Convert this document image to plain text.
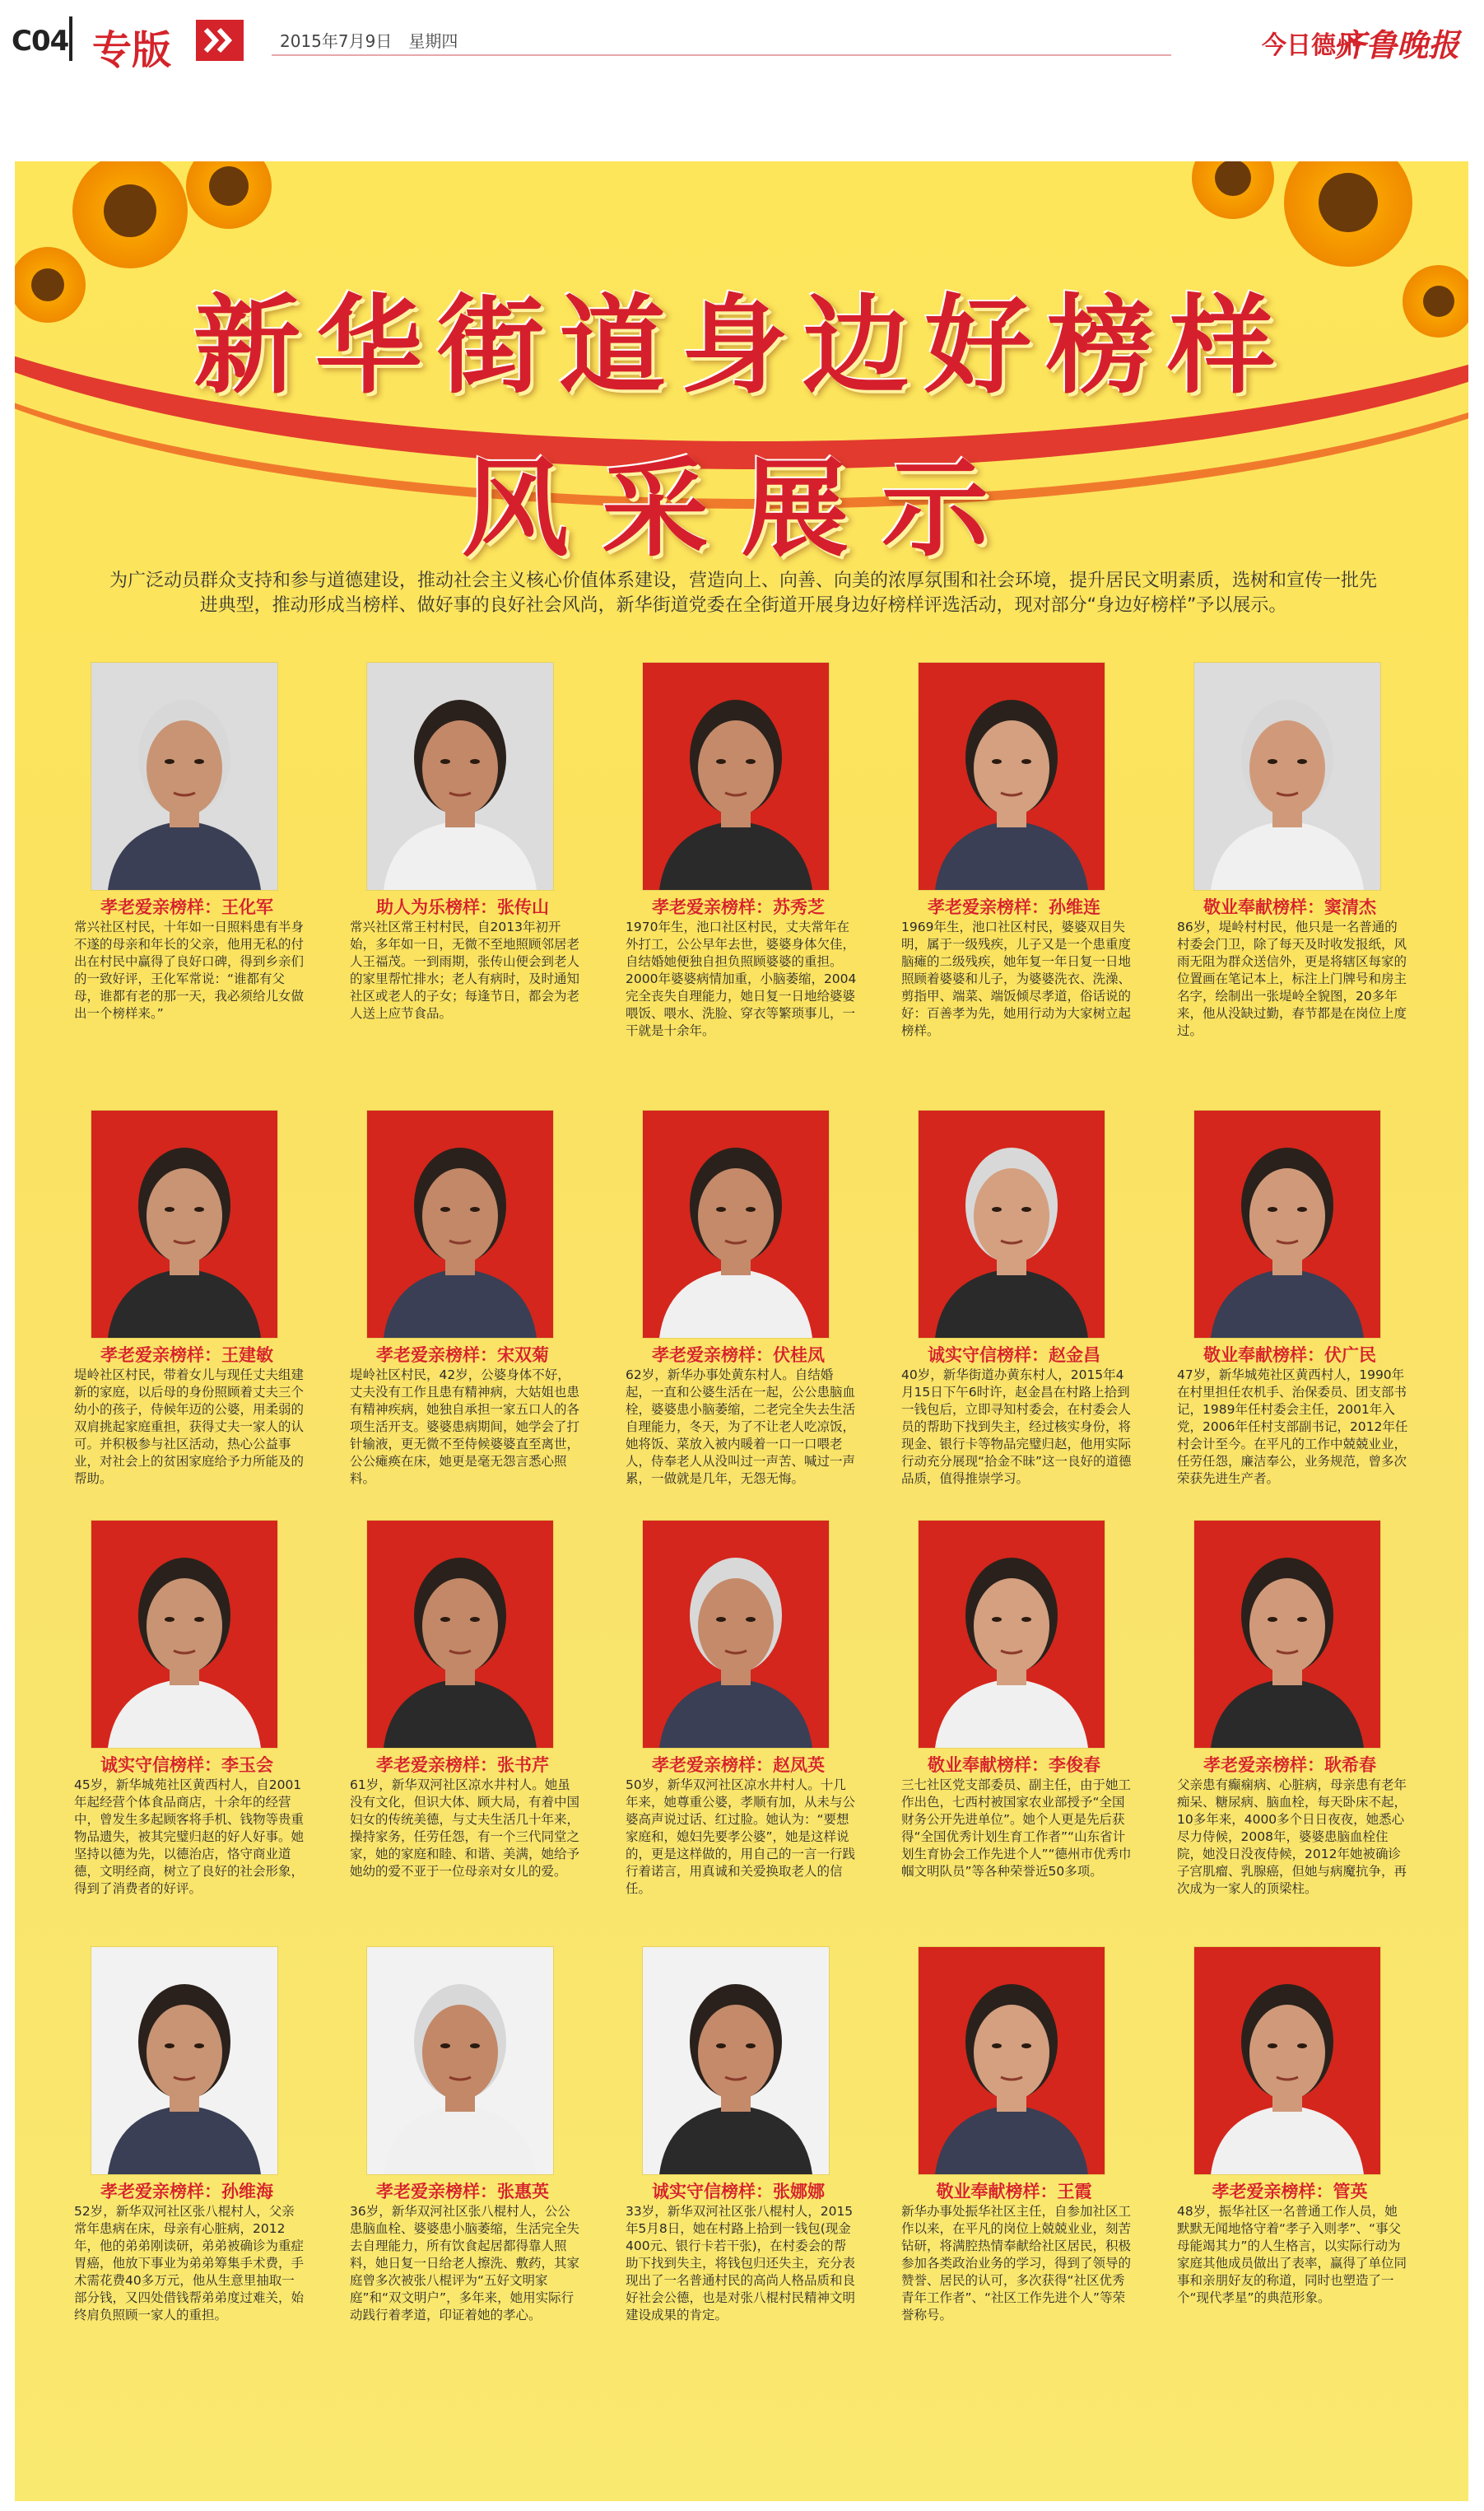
C04 专版	2015年7月9日　星期四	今日德州
齐鲁晚报
新华街道身边好榜样
风采展示
为广泛动员群众支持和参与道德建设，推动社会主义核心价值体系建设，营造向上、向善、向美的浓厚氛围和社会环境，提升居民文明素质，选树和宣传一批先进典型，推动形成当榜样、做好事的良好社会风尚，新华街道党委在全街道开展身边好榜样评选活动，现对部分“身边好榜样”予以展示。
孝老爱亲榜样：王化军
常兴社区村民，十年如一日照料患有半身不遂的母亲和年长的父亲，他用无私的付出在村民中赢得了良好口碑，得到乡亲们的一致好评，王化军常说：“谁都有父母，谁都有老的那一天，我必须给儿女做出一个榜样来。”
助人为乐榜样：张传山
常兴社区常王村村民，自2013年初开始，多年如一日，无微不至地照顾邻居老人王福茂。一到雨期，张传山便会到老人的家里帮忙排水；老人有病时，及时通知社区或老人的子女；每逢节日，都会为老人送上应节食品。
孝老爱亲榜样：苏秀芝
1970年生，池口社区村民，丈夫常年在外打工，公公早年去世，婆婆身体欠佳，自结婚她便独自担负照顾婆婆的重担。2000年婆婆病情加重，小脑萎缩，2004完全丧失自理能力，她日复一日地给婆婆喂饭、喂水、洗脸、穿衣等繁琐事儿，一干就是十余年。
孝老爱亲榜样：孙维连
1969年生，池口社区村民，婆婆双目失明，属于一级残疾，儿子又是一个患重度脑瘫的二级残疾，她年复一年日复一日地照顾着婆婆和儿子，为婆婆洗衣、洗澡、剪指甲、端菜、端饭倾尽孝道，俗话说的好：百善孝为先，她用行动为大家树立起榜样。
敬业奉献榜样：窦清杰
86岁，堤岭村村民，他只是一名普通的村委会门卫，除了每天及时收发报纸，风雨无阻为群众送信外，更是将辖区每家的位置画在笔记本上，标注上门牌号和房主名字，绘制出一张堤岭全貌图，20多年来，他从没缺过勤，春节都是在岗位上度过。
孝老爱亲榜样：王建敏
堤岭社区村民，带着女儿与现任丈夫组建新的家庭，以后母的身份照顾着丈夫三个幼小的孩子，侍候年迈的公婆，用柔弱的双肩挑起家庭重担，获得丈夫一家人的认可。并积极参与社区活动，热心公益事业，对社会上的贫困家庭给予力所能及的帮助。
孝老爱亲榜样：宋双菊
堤岭社区村民，42岁，公婆身体不好，丈夫没有工作且患有精神病，大姑姐也患有精神疾病，她独自承担一家五口人的各项生活开支。婆婆患病期间，她学会了打针输液，更无微不至侍候婆婆直至离世，公公瘫痪在床，她更是毫无怨言悉心照料。
孝老爱亲榜样：伏桂凤
62岁，新华办事处黄东村人。自结婚起，一直和公婆生活在一起，公公患脑血栓，婆婆患小脑萎缩，二老完全失去生活自理能力，冬天，为了不让老人吃凉饭，她将饭、菜放入被内暖着一口一口喂老人，侍奉老人从没叫过一声苦、喊过一声累，一做就是几年，无怨无悔。
诚实守信榜样：赵金昌
40岁，新华街道办黄东村人，2015年4月15日下午6时许，赵金昌在村路上拾到一钱包后，立即寻知村委会，在村委会人员的帮助下找到失主，经过核实身份，将现金、银行卡等物品完璧归赵，他用实际行动充分展现“拾金不昧”这一良好的道德品质，值得推崇学习。
敬业奉献榜样：伏广民
47岁，新华城苑社区黄西村人，1990年在村里担任农机手、治保委员、团支部书记，1989年任村委会主任，2001年入党，2006年任村支部副书记，2012年任村会计至今。在平凡的工作中兢兢业业，任劳任怨，廉洁奉公，业务规范，曾多次荣获先进生产者。
诚实守信榜样：李玉会
45岁，新华城苑社区黄西村人，自2001年起经营个体食品商店，十余年的经营中，曾发生多起顾客将手机、钱物等贵重物品遗失，被其完璧归赵的好人好事。她坚持以德为先，以德治店，恪守商业道德，文明经商，树立了良好的社会形象，得到了消费者的好评。
孝老爱亲榜样：张书芹
61岁，新华双河社区凉水井村人。她虽没有文化，但识大体、顾大局，有着中国妇女的传统美德，与丈夫生活几十年来，操持家务，任劳任怨，有一个三代同堂之家，她的家庭和睦、和谐、美满，她给予她幼的爱不亚于一位母亲对女儿的爱。
孝老爱亲榜样：赵凤英
50岁，新华双河社区凉水井村人。十几年来，她尊重公婆，孝顺有加，从未与公婆高声说过话、红过脸。她认为：“要想家庭和，媳妇先要孝公婆”，她是这样说的，更是这样做的，用自己的一言一行践行着诺言，用真诚和关爱换取老人的信任。
敬业奉献榜样：李俊春
三七社区党支部委员、副主任，由于她工作出色，七西村被国家农业部授予“全国财务公开先进单位”。她个人更是先后获得“全国优秀计划生育工作者”“山东省计划生育协会工作先进个人”“德州市优秀巾帼文明队员”等各种荣誉近50多项。
孝老爱亲榜样：耿希春
父亲患有癫痫病、心脏病，母亲患有老年痴呆、糖尿病、脑血栓，每天卧床不起，10多年来，4000多个日日夜夜，她悉心尽力侍候，2008年，婆婆患脑血栓住院，她没日没夜侍候，2012年她被确诊子宫肌瘤、乳腺癌，但她与病魔抗争，再次成为一家人的顶梁柱。
孝老爱亲榜样：孙维海
52岁，新华双河社区张八棍村人，父亲常年患病在床，母亲有心脏病，2012年，他的弟弟刚读研，弟弟被确诊为重症胃癌，他放下事业为弟弟筹集手术费，手术需花费40多万元，他从生意里抽取一部分钱，又四处借钱帮弟弟度过难关，始终肩负照顾一家人的重担。
孝老爱亲榜样：张惠英
36岁，新华双河社区张八棍村人，公公患脑血栓、婆婆患小脑萎缩，生活完全失去自理能力，所有饮食起居都得靠人照料，她日复一日给老人擦洗、敷药，其家庭曾多次被张八棍评为“五好文明家庭”和“双文明户”，多年来，她用实际行动践行着孝道，印证着她的孝心。
诚实守信榜样：张娜娜
33岁，新华双河社区张八棍村人，2015年5月8日，她在村路上拾到一钱包(现金400元、银行卡若干张)，在村委会的帮助下找到失主，将钱包归还失主，充分表现出了一名普通村民的高尚人格品质和良好社会公德，也是对张八棍村民精神文明建设成果的肯定。
敬业奉献榜样：王霞
新华办事处振华社区主任，自参加社区工作以来，在平凡的岗位上兢兢业业，刻苦钻研，将满腔热情奉献给社区居民，积极参加各类政治业务的学习，得到了领导的赞誉、居民的认可，多次获得“社区优秀青年工作者”、“社区工作先进个人”等荣誉称号。
孝老爱亲榜样：管英
48岁，振华社区一名普通工作人员，她默默无闻地恪守着“孝子入则孝”、“事父母能竭其力”的人生格言，以实际行动为家庭其他成员做出了表率，赢得了单位同事和亲朋好友的称道，同时也塑造了一个“现代孝星”的典范形象。
